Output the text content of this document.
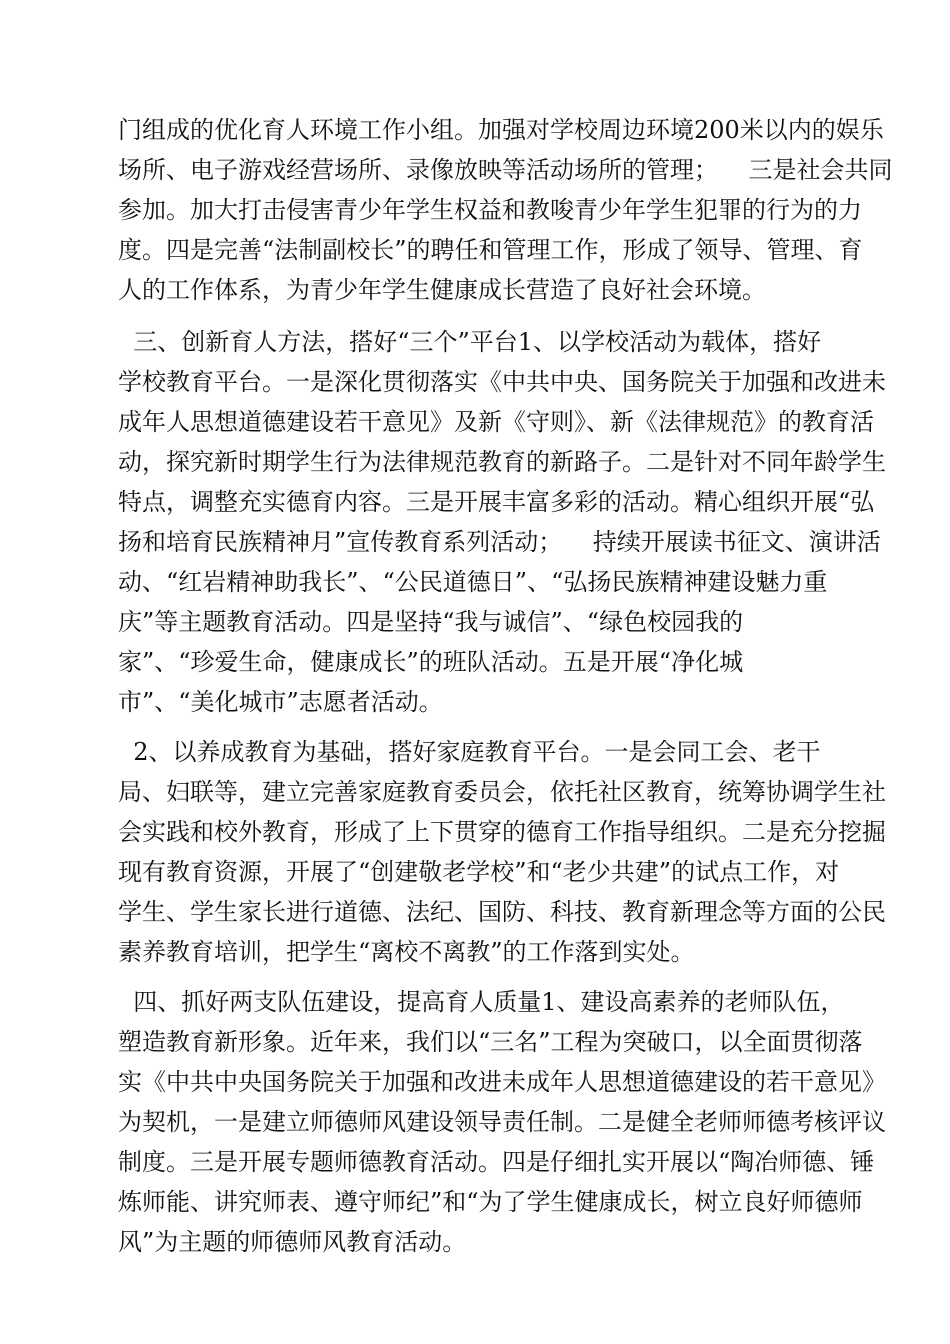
门组成的优化育人环境工作小组。加强对学校周边环境200米以内的娱乐
场所、电子游戏经营场所、录像放映等活动场所的管理；    三是社会共同
参加。加大打击侵害青少年学生权益和教唆青少年学生犯罪的行为的力
度。四是完善“法制副校长”的聘任和管理工作，形成了领导、管理、育
人的工作体系，为青少年学生健康成长营造了良好社会环境。
三、创新育人方法，搭好“三个”平台1、以学校活动为载体，搭好
学校教育平台。一是深化贯彻落实《中共中央、国务院关于加强和改进未
成年人思想道德建设若干意见》及新《守则》、新《法律规范》的教育活
动，探究新时期学生行为法律规范教育的新路子。二是针对不同年龄学生
特点，调整充实德育内容。三是开展丰富多彩的活动。精心组织开展“弘
扬和培育民族精神月”宣传教育系列活动；    持续开展读书征文、演讲活
动、“红岩精神助我长”、“公民道德日”、“弘扬民族精神建设魅力重
庆”等主题教育活动。四是坚持“我与诚信”、“绿色校园我的
家”、“珍爱生命，健康成长”的班队活动。五是开展“净化城
市”、“美化城市”志愿者活动。
2、以养成教育为基础，搭好家庭教育平台。一是会同工会、老干
局、妇联等，建立完善家庭教育委员会，依托社区教育，统筹协调学生社
会实践和校外教育，形成了上下贯穿的德育工作指导组织。二是充分挖掘
现有教育资源，开展了“创建敬老学校”和“老少共建”的试点工作，对
学生、学生家长进行道德、法纪、国防、科技、教育新理念等方面的公民
素养教育培训，把学生“离校不离教”的工作落到实处。
四、抓好两支队伍建设，提高育人质量1、建设高素养的老师队伍，
塑造教育新形象。近年来，我们以“三名”工程为突破口，以全面贯彻落
实《中共中央国务院关于加强和改进未成年人思想道德建设的若干意见》
为契机，一是建立师德师风建设领导责任制。二是健全老师师德考核评议
制度。三是开展专题师德教育活动。四是仔细扎实开展以“陶冶师德、锤
炼师能、讲究师表、遵守师纪”和“为了学生健康成长，树立良好师德师
风”为主题的师德师风教育活动。
